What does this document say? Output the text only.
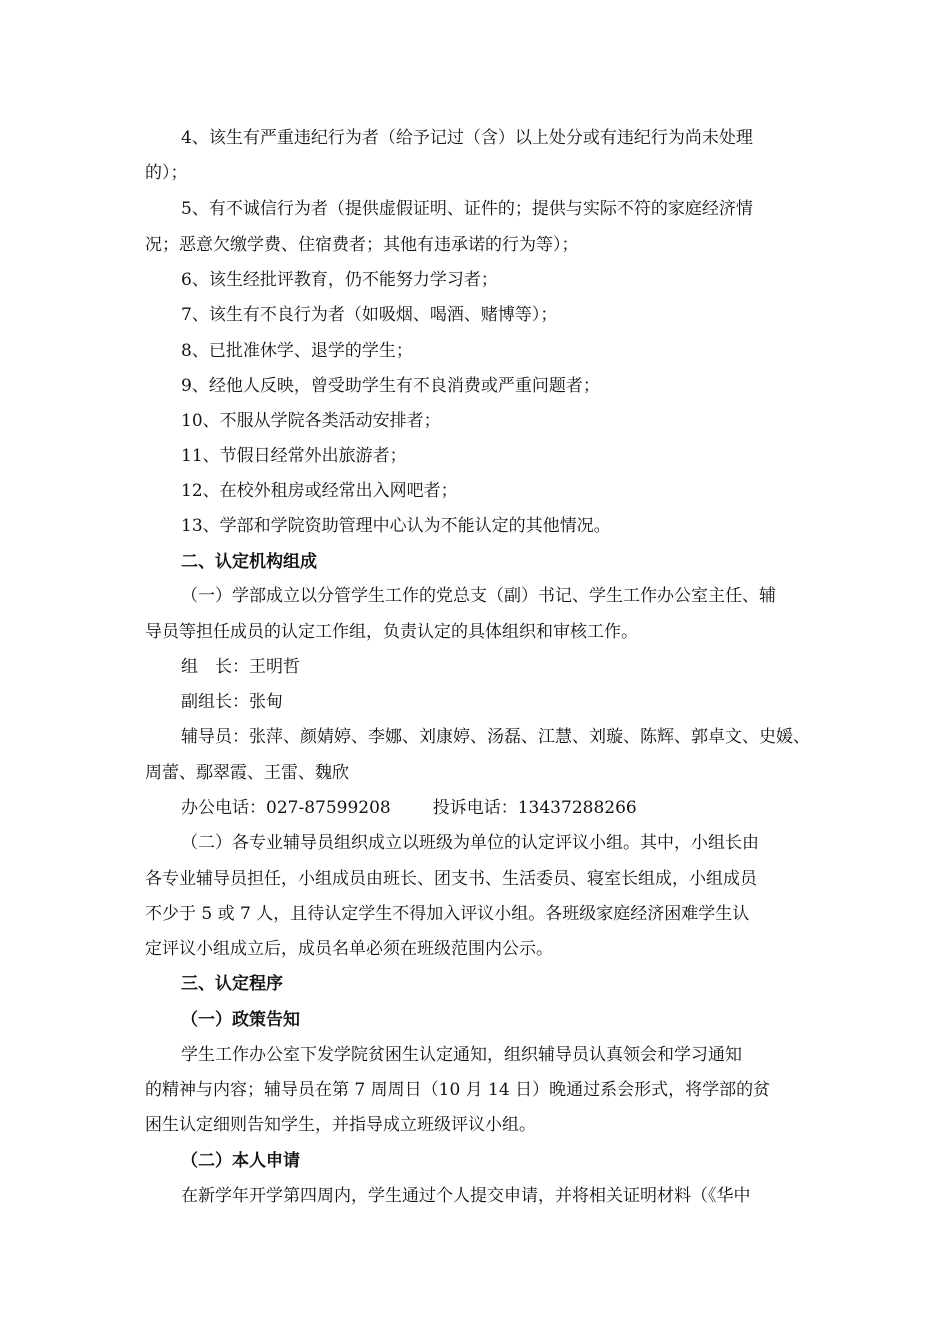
4、该生有严重违纪行为者（给予记过（含）以上处分或有违纪行为尚未处理
的）；
5、有不诚信行为者（提供虚假证明、证件的；提供与实际不符的家庭经济情
况；恶意欠缴学费、住宿费者；其他有违承诺的行为等）；
6、该生经批评教育，仍不能努力学习者；
7、该生有不良行为者（如吸烟、喝酒、赌博等）；
8、已批准休学、退学的学生；
9、经他人反映，曾受助学生有不良消费或严重问题者；
10、不服从学院各类活动安排者；
11、节假日经常外出旅游者；
12、在校外租房或经常出入网吧者；
13、学部和学院资助管理中心认为不能认定的其他情况。
二、认定机构组成
（一）学部成立以分管学生工作的党总支（副）书记、学生工作办公室主任、辅
导员等担任成员的认定工作组，负责认定的具体组织和审核工作。
组　长：王明哲
副组长：张甸
辅导员：张萍、颜婧婷、李娜、刘康婷、汤磊、江慧、刘璇、陈辉、郭卓文、史媛、
周蕾、鄢翠霞、王雷、魏欣
办公电话：027-87599208 投诉电话：13437288266
（二）各专业辅导员组织成立以班级为单位的认定评议小组。其中，小组长由
各专业辅导员担任，小组成员由班长、团支书、生活委员、寝室长组成，小组成员
不少于 5 或 7 人，且待认定学生不得加入评议小组。各班级家庭经济困难学生认
定评议小组成立后，成员名单必须在班级范围内公示。
三、认定程序
（一）政策告知
学生工作办公室下发学院贫困生认定通知，组织辅导员认真领会和学习通知
的精神与内容；辅导员在第 7 周周日（10 月 14 日）晚通过系会形式，将学部的贫
困生认定细则告知学生，并指导成立班级评议小组。
（二）本人申请
在新学年开学第四周内，学生通过个人提交申请，并将相关证明材料（《华中
